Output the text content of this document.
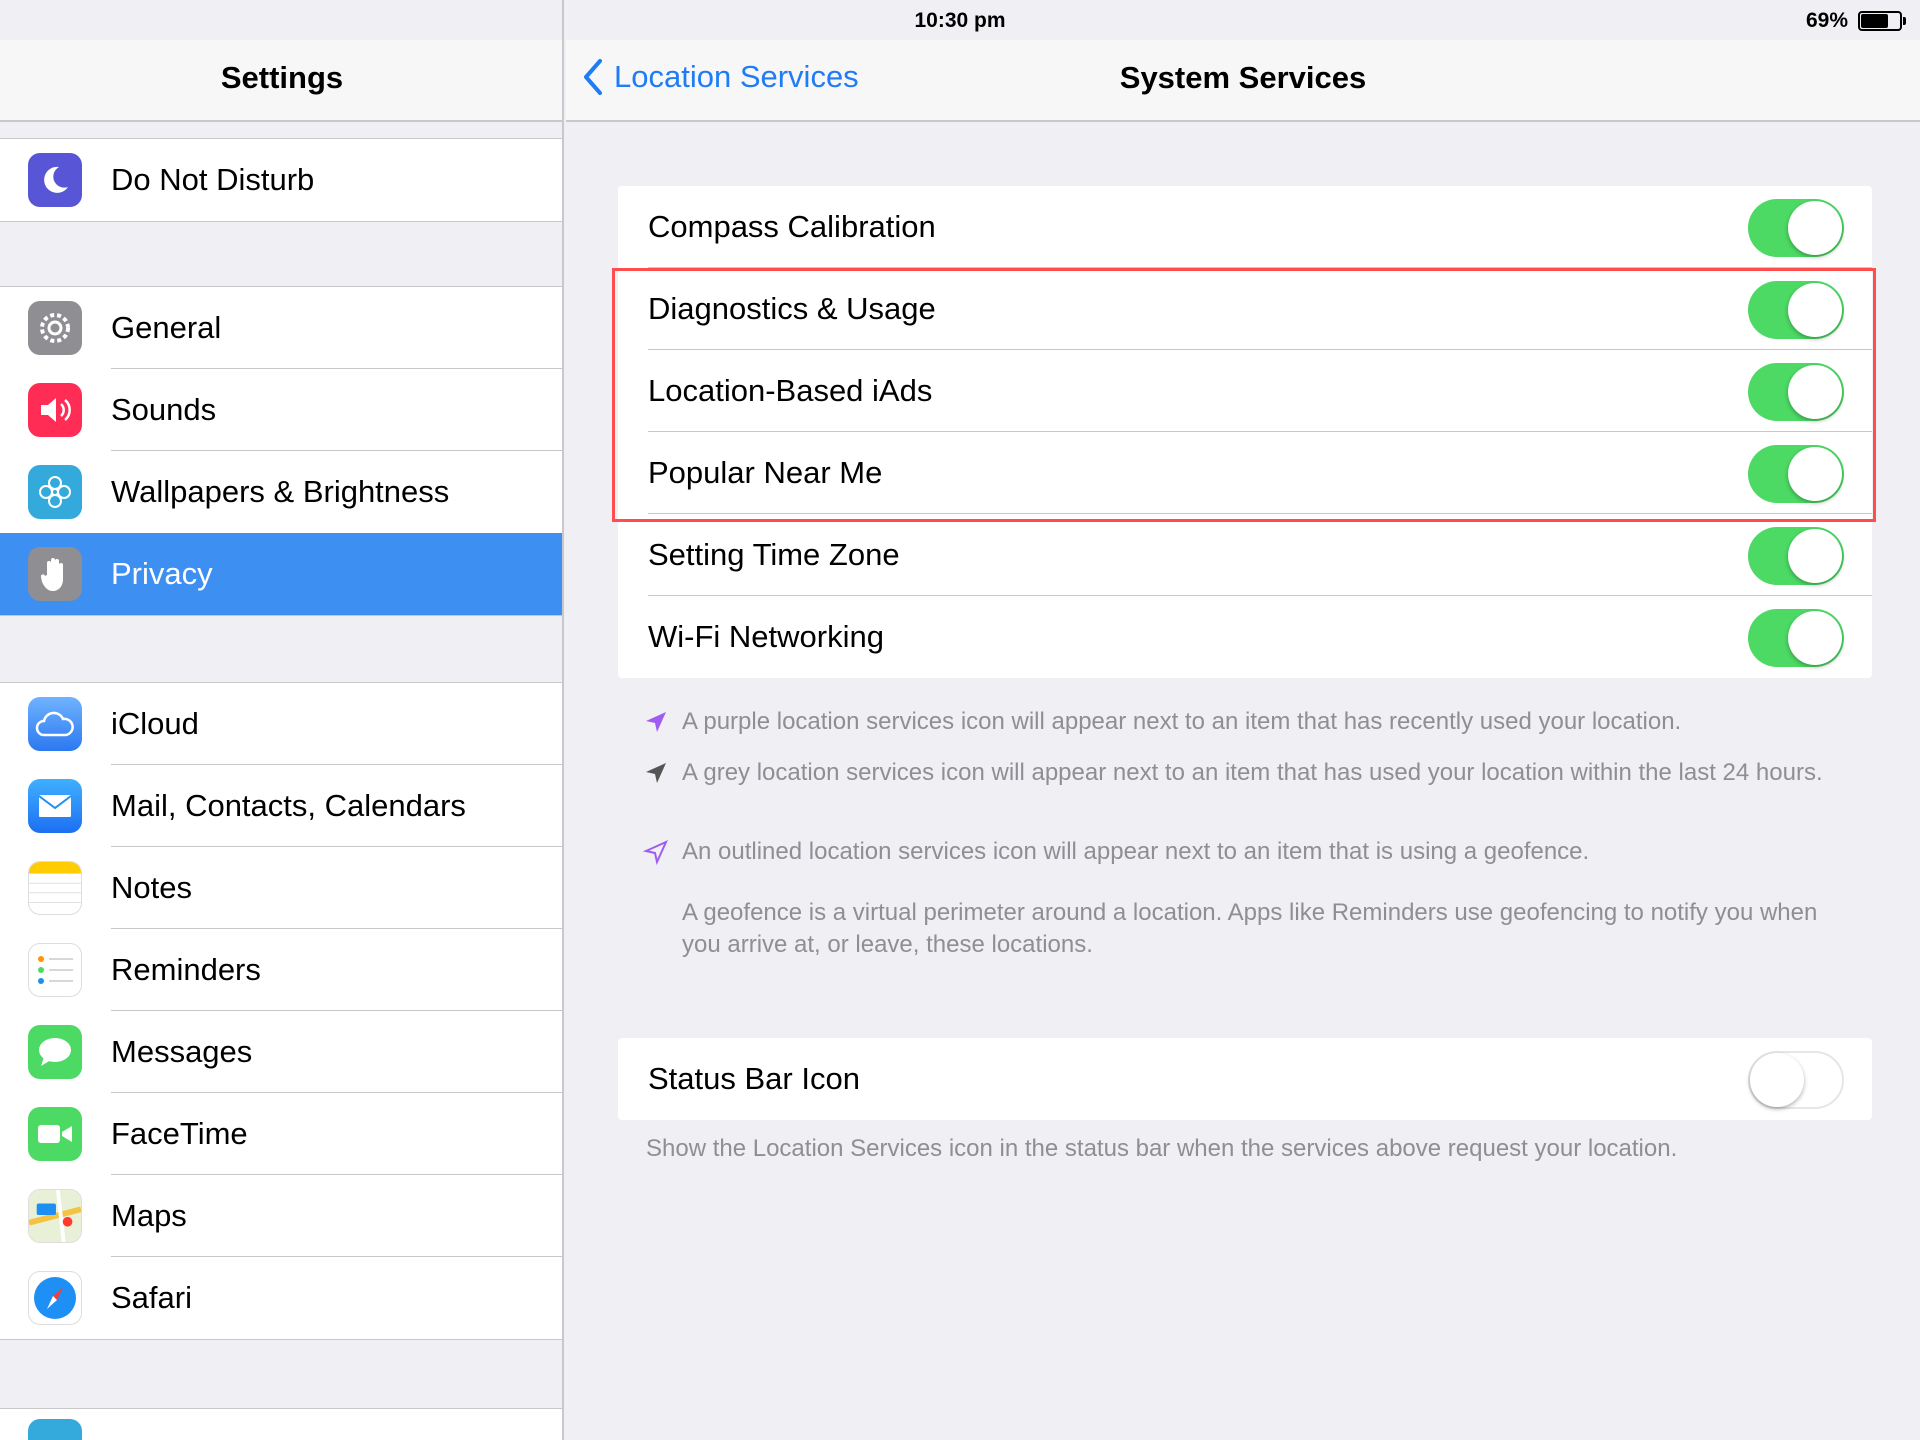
10:30 pm	69%
Settings
Do Not Disturb
General
Sounds
Wallpapers & Brightness
Privacy
iCloud
Mail, Contacts, Calendars
Notes
Reminders
Messages
FaceTime
Maps
Safari
Location Services	System Services
Compass Calibration
Diagnostics & Usage
Location-Based iAds
Popular Near Me
Setting Time Zone
Wi-Fi Networking
A purple location services icon will appear next to an item that has recently used your location.
A grey location services icon will appear next to an item that has used your location within the last 24 hours.
An outlined location services icon will appear next to an item that is using a geofence.
A geofence is a virtual perimeter around a location. Apps like Reminders use geofencing to notify you when you arrive at, or leave, these locations.
Status Bar Icon
Show the Location Services icon in the status bar when the services above request your location.
